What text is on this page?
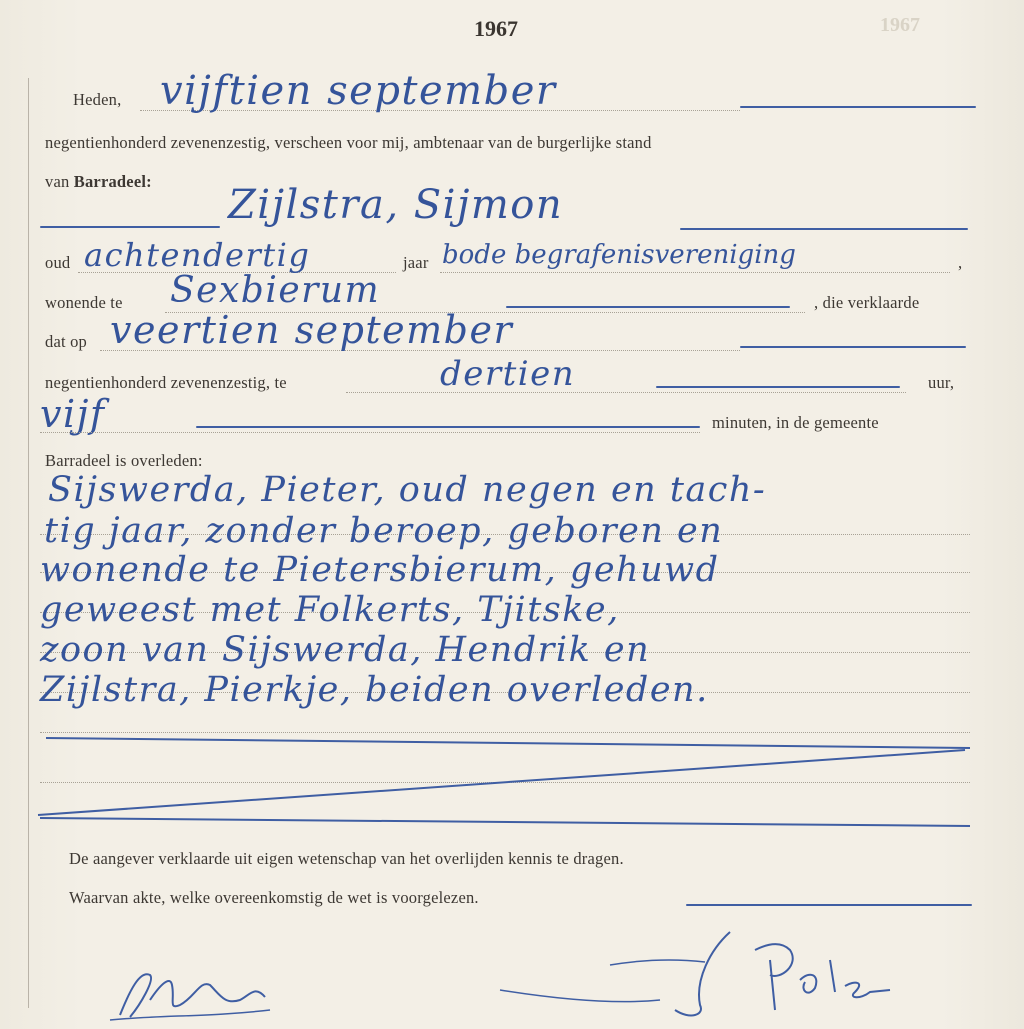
1967
1967
Heden, vijftien september
negentienhonderd zevenenzestig, verscheen voor mij, ambtenaar van de burgerlijke stand
van Barradeel:
Zijlstra, Sijmon
oud achtendertig	jaar bode begrafenisvereniging	,
wonende te Sexbierum	, die verklaarde
dat op veertien september
negentienhonderd zevenenzestig, te	dertien	uur,
vijf	minuten, in de gemeente
Barradeel is overleden:
Sijswerda, Pieter, oud negen en tach-
tig jaar, zonder beroep, geboren en
wonende te Pietersbierum, gehuwd
geweest met Folkerts, Tjitske,
zoon van Sijswerda, Hendrik en
Zijlstra, Pierkje, beiden overleden.
De aangever verklaarde uit eigen wetenschap van het overlijden kennis te dragen.
Waarvan akte, welke overeenkomstig de wet is voorgelezen.
